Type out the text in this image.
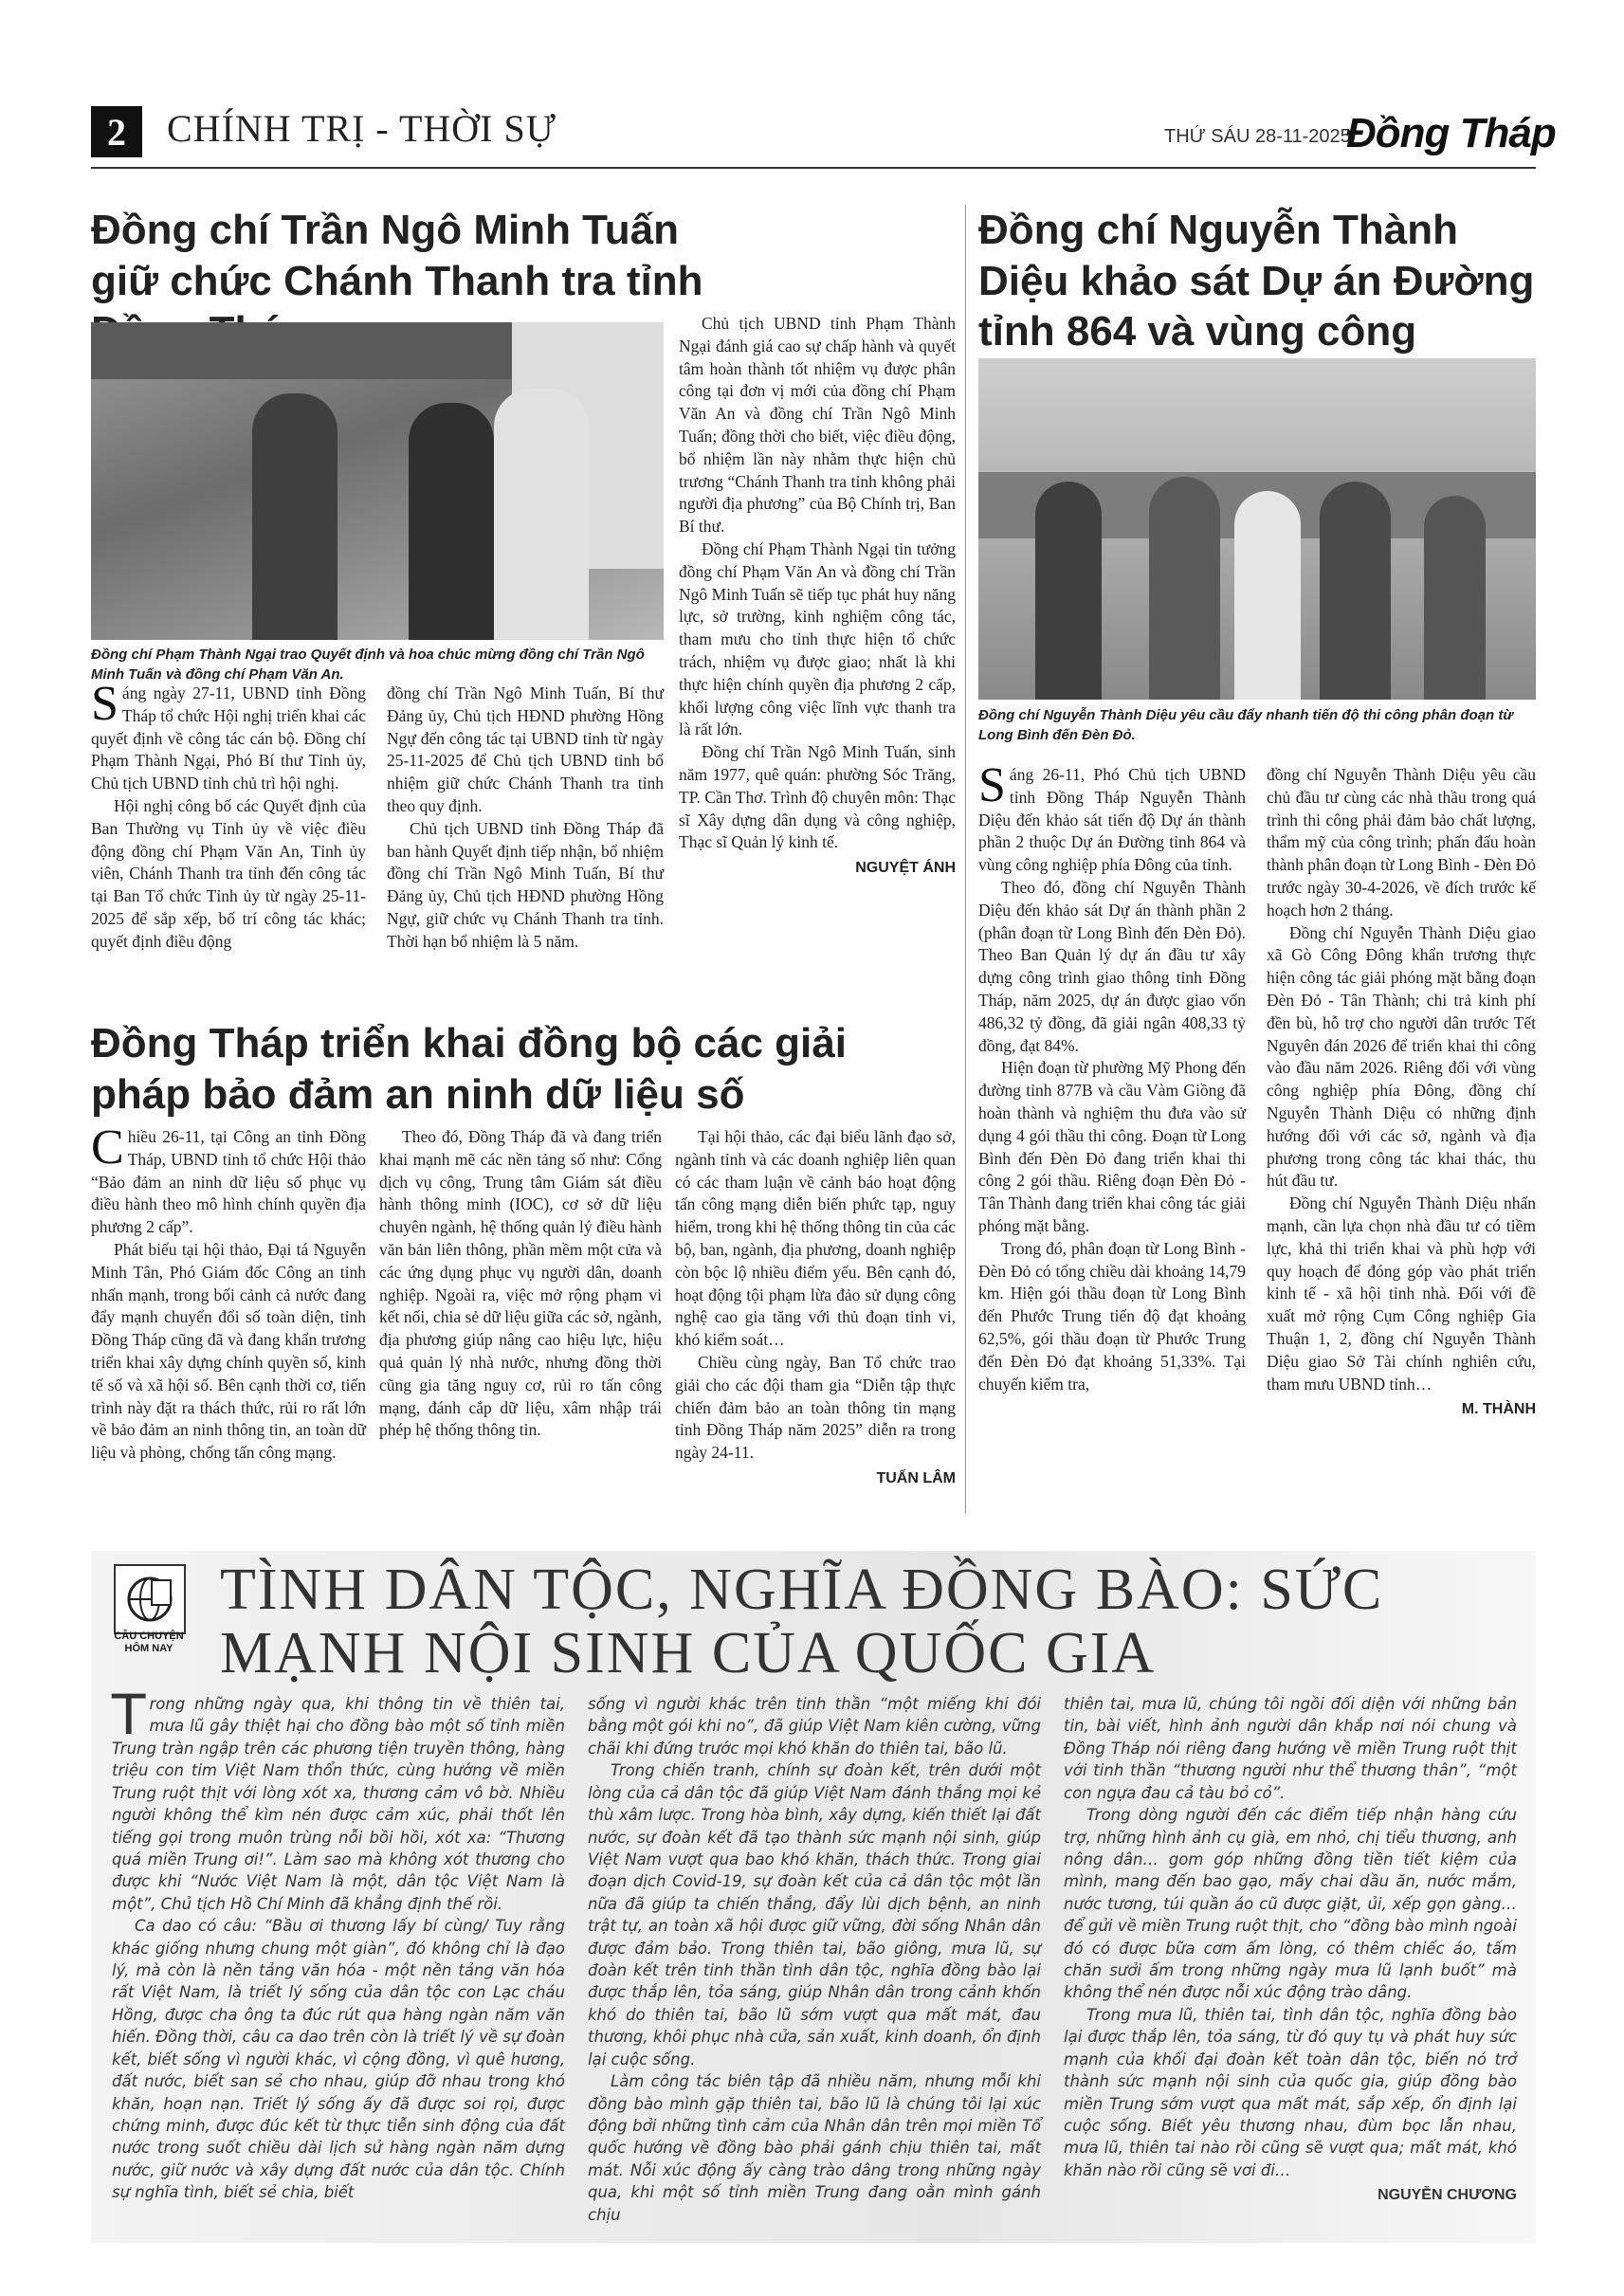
2	CHÍNH TRỊ - THỜI SỰ	THỨ SÁU 28-11-2025
Đồng Tháp
Đồng chí Trần Ngô Minh Tuấn giữ chức Chánh Thanh tra tỉnh
Đồng chí Phạm Thành Ngại trao Quyết định và hoa chúc mừng đồng chí Trần Ngô Minh Tuấn và đồng chí Phạm Văn An.
S áng ngày 27-11, UBND tỉnh Đồng Tháp tổ chức Hội nghị triển khai các quyết định về công tác cán bộ. Đồng chí Phạm Thành Ngại, Phó Bí thư Tỉnh ủy, Chủ tịch UBND tỉnh chủ trì hội nghị.

Hội nghị công bố các Quyết định của Ban Thường vụ Tỉnh ủy về việc điều động đồng chí Phạm Văn An, Tỉnh ủy viên, Chánh Thanh tra tỉnh đến công tác tại Ban Tổ chức Tỉnh ủy từ ngày 25-11-2025 để sắp xếp, bố trí công tác khác; quyết định điều động

đồng chí Trần Ngô Minh Tuấn, Bí thư Đảng ủy, Chủ tịch HĐND phường Hồng Ngự đến công tác tại UBND tỉnh từ ngày 25-11-2025 để Chủ tịch UBND tỉnh bổ nhiệm giữ chức Chánh Thanh tra tỉnh theo quy định.

Chủ tịch UBND tỉnh Đồng Tháp đã ban hành Quyết định tiếp nhận, bổ nhiệm đồng chí Trần Ngô Minh Tuấn, Bí thư Đảng ủy, Chủ tịch HĐND phường Hồng Ngự, giữ chức vụ Chánh Thanh tra tỉnh. Thời hạn bổ nhiệm là 5 năm.

Chủ tịch UBND tỉnh Phạm Thành Ngại đánh giá cao sự chấp hành và quyết tâm hoàn thành tốt nhiệm vụ được phân công tại đơn vị mới của đồng chí Phạm Văn An và đồng chí Trần Ngô Minh Tuấn; đồng thời cho biết, việc điều động, bổ nhiệm lần này nhằm thực hiện chủ trương “Chánh Thanh tra tỉnh không phải người địa phương” của Bộ Chính trị, Ban Bí thư.

Đồng chí Phạm Thành Ngại tin tưởng đồng chí Phạm Văn An và đồng chí Trần Ngô Minh Tuấn sẽ tiếp tục phát huy năng lực, sở trường, kinh nghiệm công tác, tham mưu cho tỉnh thực hiện tổ chức trách, nhiệm vụ được giao; nhất là khi thực hiện chính quyền địa phương 2 cấp, khối lượng công việc lĩnh vực thanh tra là rất lớn.

Đồng chí Trần Ngô Minh Tuấn, sinh năm 1977, quê quán: phường Sóc Trăng, TP. Cần Thơ. Trình độ chuyên môn: Thạc sĩ Xây dựng dân dụng và công nghiệp, Thạc sĩ Quản lý kinh tế.

NGUYỆT ÁNH
Đồng chí Nguyễn Thành Diệu khảo sát Dự án Đường tỉnh 864 và vùng công
Đồng chí Nguyễn Thành Diệu yêu cầu đẩy nhanh tiến độ thi công phân đoạn từ Long Bình đến Đèn Đỏ.
S áng 26-11, Phó Chủ tịch UBND tỉnh Đồng Tháp Nguyễn Thành Diệu đến khảo sát tiến độ Dự án thành phần 2 thuộc Dự án Đường tỉnh 864 và vùng công nghiệp phía Đông của tỉnh.

Theo đó, đồng chí Nguyễn Thành Diệu đến khảo sát Dự án thành phần 2 (phân đoạn từ Long Bình đến Đèn Đỏ). Theo Ban Quản lý dự án đầu tư xây dựng công trình giao thông tỉnh Đồng Tháp, năm 2025, dự án được giao vốn 486,32 tỷ đồng, đã giải ngân 408,33 tỷ đồng, đạt 84%.

Hiện đoạn từ phường Mỹ Phong đến đường tỉnh 877B và cầu Vàm Giồng đã hoàn thành và nghiệm thu đưa vào sử dụng 4 gói thầu thi công. Đoạn từ Long Bình đến Đèn Đỏ đang triển khai thi công 2 gói thầu. Riêng đoạn Đèn Đỏ - Tân Thành đang triển khai công tác giải phóng mặt bằng.

Trong đó, phân đoạn từ Long Bình - Đèn Đỏ có tổng chiều dài khoảng 14,79 km. Hiện gói thầu đoạn từ Long Bình đến Phước Trung tiến độ đạt khoảng 62,5%, gói thầu đoạn từ Phước Trung đến Đèn Đỏ đạt khoảng 51,33%. Tại chuyến kiểm tra,

đồng chí Nguyễn Thành Diệu yêu cầu chủ đầu tư cùng các nhà thầu trong quá trình thi công phải đảm bảo chất lượng, thẩm mỹ của công trình; phấn đấu hoàn thành phân đoạn từ Long Bình - Đèn Đỏ trước ngày 30-4-2026, về đích trước kế hoạch hơn 2 tháng.

Đồng chí Nguyễn Thành Diệu giao xã Gò Công Đông khẩn trương thực hiện công tác giải phóng mặt bằng đoạn Đèn Đỏ - Tân Thành; chi trả kinh phí đền bù, hỗ trợ cho người dân trước Tết Nguyên đán 2026 để triển khai thi công vào đầu năm 2026. Riêng đối với vùng công nghiệp phía Đông, đồng chí Nguyễn Thành Diệu có những định hướng đối với các sở, ngành và địa phương trong công tác khai thác, thu hút đầu tư.

Đồng chí Nguyễn Thành Diệu nhấn mạnh, cần lựa chọn nhà đầu tư có tiềm lực, khả thi triển khai và phù hợp với quy hoạch để đóng góp vào phát triển kinh tế - xã hội tỉnh nhà. Đối với đề xuất mở rộng Cụm Công nghiệp Gia Thuận 1, 2, đồng chí Nguyễn Thành Diệu giao Sở Tài chính nghiên cứu, tham mưu UBND tỉnh…

M. THÀNH
Đồng Tháp triển khai đồng bộ các giải pháp bảo đảm an ninh dữ liệu số
C hiều 26-11, tại Công an tỉnh Đồng Tháp, UBND tỉnh tổ chức Hội thảo “Bảo đảm an ninh dữ liệu số phục vụ điều hành theo mô hình chính quyền địa phương 2 cấp”.

Phát biểu tại hội thảo, Đại tá Nguyễn Minh Tân, Phó Giám đốc Công an tỉnh nhấn mạnh, trong bối cảnh cả nước đang đẩy mạnh chuyển đổi số toàn diện, tỉnh Đồng Tháp cũng đã và đang khẩn trương triển khai xây dựng chính quyền số, kinh tế số và xã hội số. Bên cạnh thời cơ, tiến trình này đặt ra thách thức, rủi ro rất lớn về bảo đảm an ninh thông tin, an toàn dữ liệu và phòng, chống tấn công mạng.

Theo đó, Đồng Tháp đã và đang triển khai mạnh mẽ các nền tảng số như: Cổng dịch vụ công, Trung tâm Giám sát điều hành thông minh (IOC), cơ sở dữ liệu chuyên ngành, hệ thống quản lý điều hành văn bản liên thông, phần mềm một cửa và các ứng dụng phục vụ người dân, doanh nghiệp. Ngoài ra, việc mở rộng phạm vi kết nối, chia sẻ dữ liệu giữa các sở, ngành, địa phương giúp nâng cao hiệu lực, hiệu quả quản lý nhà nước, nhưng đồng thời cũng gia tăng nguy cơ, rủi ro tấn công mạng, đánh cắp dữ liệu, xâm nhập trái phép hệ thống thông tin.

Tại hội thảo, các đại biểu lãnh đạo sở, ngành tỉnh và các doanh nghiệp liên quan có các tham luận về cảnh báo hoạt động tấn công mạng diễn biến phức tạp, nguy hiểm, trong khi hệ thống thông tin của các bộ, ban, ngành, địa phương, doanh nghiệp còn bộc lộ nhiều điểm yếu. Bên cạnh đó, hoạt động tội phạm lừa đảo sử dụng công nghệ cao gia tăng với thủ đoạn tinh vi, khó kiểm soát…

Chiều cùng ngày, Ban Tổ chức trao giải cho các đội tham gia “Diễn tập thực chiến đảm bảo an toàn thông tin mạng tỉnh Đồng Tháp năm 2025” diễn ra trong ngày 24-11.

TUẤN LÂM
CÂU CHUYỆN HÔM NAY
TÌNH DÂN TỘC, NGHĨA ĐỒNG BÀO: SỨC MẠNH NỘI SINH CỦA QUỐC GIA
T rong những ngày qua, khi thông tin về thiên tai, mưa lũ gây thiệt hại cho đồng bào một số tỉnh miền Trung tràn ngập trên các phương tiện truyền thông, hàng triệu con tim Việt Nam thổn thức, cùng hướng về miền Trung ruột thịt với lòng xót xa, thương cảm vô bờ. Nhiều người không thể kìm nén được cảm xúc, phải thốt lên tiếng gọi trong muôn trùng nỗi bồi hồi, xót xa: “Thương quá miền Trung ơi!”. Làm sao mà không xót thương cho được khi “Nước Việt Nam là một, dân tộc Việt Nam là một”, Chủ tịch Hồ Chí Minh đã khẳng định thế rồi.

Ca dao có câu: “Bầu ơi thương lấy bí cùng/ Tuy rằng khác giống nhưng chung một giàn”, đó không chỉ là đạo lý, mà còn là nền tảng văn hóa - một nền tảng văn hóa rất Việt Nam, là triết lý sống của dân tộc con Lạc cháu Hồng, được cha ông ta đúc rút qua hàng ngàn năm văn hiến. Đồng thời, câu ca dao trên còn là triết lý về sự đoàn kết, biết sống vì người khác, vì cộng đồng, vì quê hương, đất nước, biết san sẻ cho nhau, giúp đỡ nhau trong khó khăn, hoạn nạn. Triết lý sống ấy đã được soi rọi, được chứng minh, được đúc kết từ thực tiễn sinh động của đất nước trong suốt chiều dài lịch sử hàng ngàn năm dựng nước, giữ nước và xây dựng đất nước của dân tộc. Chính sự nghĩa tình, biết sẻ chia, biết

sống vì người khác trên tinh thần “một miếng khi đói bằng một gói khi no”, đã giúp Việt Nam kiên cường, vững chãi khi đứng trước mọi khó khăn do thiên tai, bão lũ.

Trong chiến tranh, chính sự đoàn kết, trên dưới một lòng của cả dân tộc đã giúp Việt Nam đánh thắng mọi kẻ thù xâm lược. Trong hòa bình, xây dựng, kiến thiết lại đất nước, sự đoàn kết đã tạo thành sức mạnh nội sinh, giúp Việt Nam vượt qua bao khó khăn, thách thức. Trong giai đoạn dịch Covid-19, sự đoàn kết của cả dân tộc một lần nữa đã giúp ta chiến thắng, đẩy lùi dịch bệnh, an ninh trật tự, an toàn xã hội được giữ vững, đời sống Nhân dân được đảm bảo. Trong thiên tai, bão giông, mưa lũ, sự đoàn kết trên tinh thần tình dân tộc, nghĩa đồng bào lại được thắp lên, tỏa sáng, giúp Nhân dân trong cảnh khốn khó do thiên tai, bão lũ sớm vượt qua mất mát, đau thương, khôi phục nhà cửa, sản xuất, kinh doanh, ổn định lại cuộc sống.

Làm công tác biên tập đã nhiều năm, nhưng mỗi khi đồng bào mình gặp thiên tai, bão lũ là chúng tôi lại xúc động bởi những tình cảm của Nhân dân trên mọi miền Tổ quốc hướng về đồng bào phải gánh chịu thiên tai, mất mát. Nỗi xúc động ấy càng trào dâng trong những ngày qua, khi một số tỉnh miền Trung đang oằn mình gánh chịu

thiên tai, mưa lũ, chúng tôi ngồi đối diện với những bản tin, bài viết, hình ảnh người dân khắp nơi nói chung và Đồng Tháp nói riêng đang hướng về miền Trung ruột thịt với tinh thần “thương người như thể thương thân”, “một con ngựa đau cả tàu bỏ cỏ”.

Trong dòng người đến các điểm tiếp nhận hàng cứu trợ, những hình ảnh cụ già, em nhỏ, chị tiểu thương, anh nông dân… gom góp những đồng tiền tiết kiệm của mình, mang đến bao gạo, mấy chai dầu ăn, nước mắm, nước tương, túi quần áo cũ được giặt, ủi, xếp gọn gàng… để gửi về miền Trung ruột thịt, cho “đồng bào mình ngoài đó có được bữa cơm ấm lòng, có thêm chiếc áo, tấm chăn sưởi ấm trong những ngày mưa lũ lạnh buốt” mà không thể nén được nỗi xúc động trào dâng.

Trong mưa lũ, thiên tai, tình dân tộc, nghĩa đồng bào lại được thắp lên, tỏa sáng, từ đó quy tụ và phát huy sức mạnh của khối đại đoàn kết toàn dân tộc, biến nó trở thành sức mạnh nội sinh của quốc gia, giúp đồng bào miền Trung sớm vượt qua mất mát, sắp xếp, ổn định lại cuộc sống. Biết yêu thương nhau, đùm bọc lẫn nhau, mưa lũ, thiên tai nào rồi cũng sẽ vượt qua; mất mát, khó khăn nào rồi cũng sẽ vơi đi…

NGUYỄN CHƯƠNG
